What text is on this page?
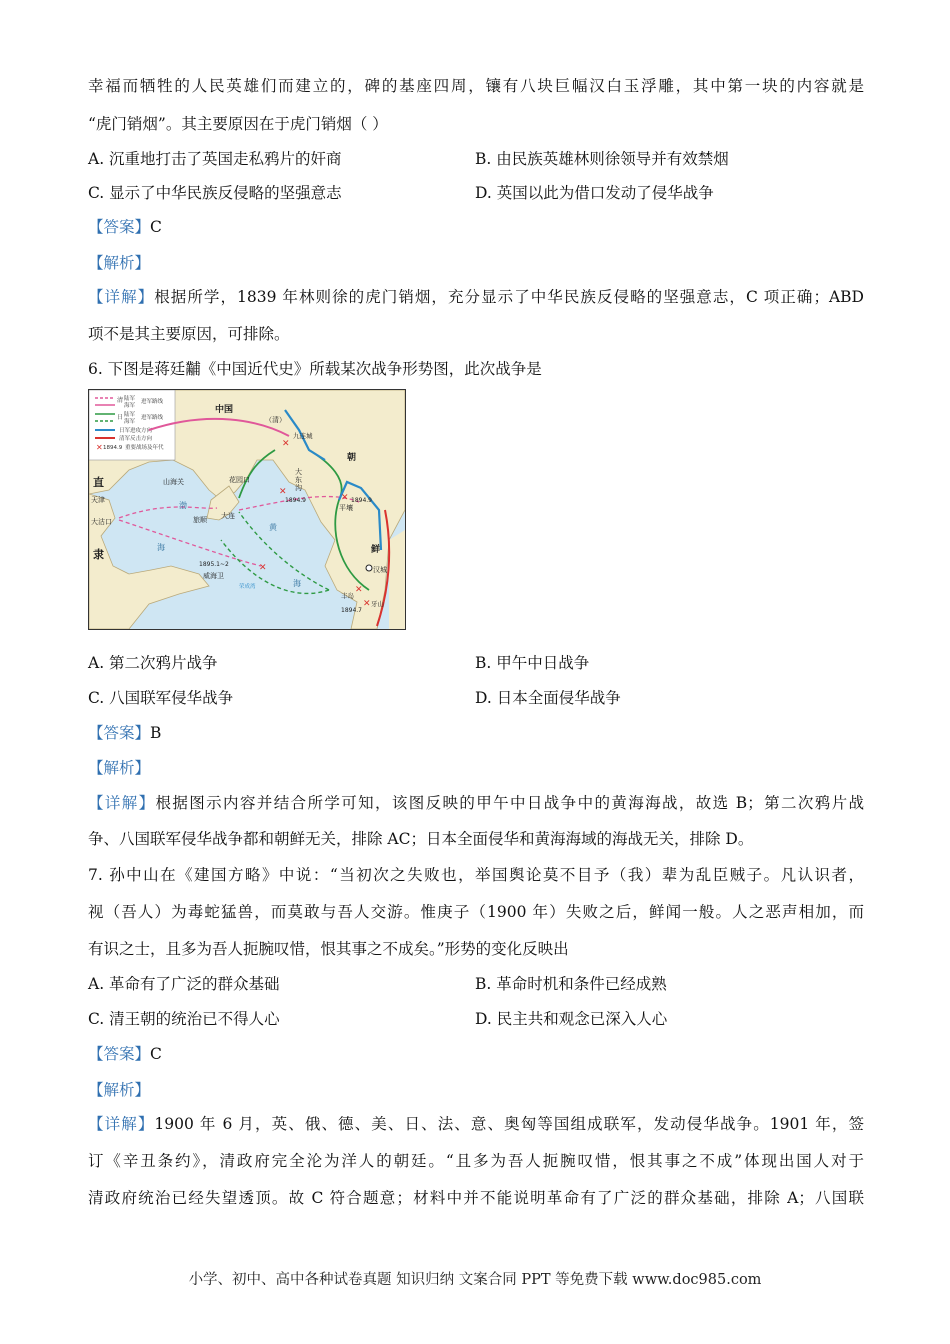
幸福而牺牲的人民英雄们而建立的，碑的基座四周，镶有八块巨幅汉白玉浮雕，其中第一块的内容就是
“虎门销烟”。其主要原因在于虎门销烟（ ）
A. 沉重地打击了英国走私鸦片的奸商	B. 由民族英雄林则徐领导并有效禁烟
C. 显示了中华民族反侵略的坚强意志	D. 英国以此为借口发动了侵华战争
【答案】C
【解析】
【详解】根据所学，1839 年林则徐的虎门销烟，充分显示了中华民族反侵略的坚强意志，C 项正确；ABD
项不是其主要原因，可排除。
6. 下图是蒋廷黼《中国近代史》所载某次战争形势图，此次战争是
✕
清 陆军
海军
进军路线
日 陆军
海军
进军路线
日军进攻方向
清军反击方向
1894.9 重要战场及年代	✕
✕
✕
✕
✕
✕
中国
（清）
九连城
朝
鲜
直
隶
天津
大沽口
山海关
渤
海
花园口
大
东
沟
1894.9
旅顺 大连
平壤
1894.9
黄
海
1895.1~2
威海卫
荣成湾
汉城
丰岛
牙山
1894.7
A. 第二次鸦片战争	B. 甲午中日战争
C. 八国联军侵华战争	D. 日本全面侵华战争
【答案】B
【解析】
【详解】根据图示内容并结合所学可知，该图反映的甲午中日战争中的黄海海战，故选 B；第二次鸦片战
争、八国联军侵华战争都和朝鲜无关，排除 AC；日本全面侵华和黄海海域的海战无关，排除 D。
7. 孙中山在《建国方略》中说：“当初次之失败也，举国舆论莫不目予（我）辈为乱臣贼子。凡认识者，
视（吾人）为毒蛇猛兽，而莫敢与吾人交游。惟庚子（1900 年）失败之后，鲜闻一般。人之恶声相加，而
有识之士，且多为吾人扼腕叹惜，恨其事之不成矣。”形势的变化反映出
A. 革命有了广泛的群众基础	B. 革命时机和条件已经成熟
C. 清王朝的统治已不得人心	D. 民主共和观念已深入人心
【答案】C
【解析】
【详解】1900 年 6 月，英、俄、德、美、日、法、意、奥匈等国组成联军，发动侵华战争。1901 年，签
订《辛丑条约》，清政府完全沦为洋人的朝廷。“且多为吾人扼腕叹惜，恨其事之不成”体现出国人对于
清政府统治已经失望透顶。故 C 符合题意；材料中并不能说明革命有了广泛的群众基础，排除 A；八国联
小学、初中、高中各种试卷真题 知识归纳 文案合同 PPT 等免费下载 www.doc985.com
